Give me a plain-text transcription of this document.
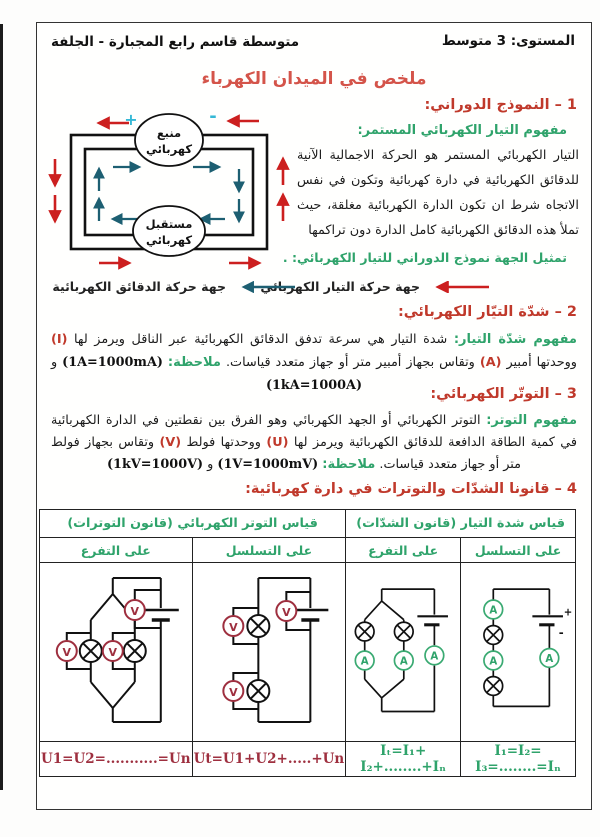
المستوى: 3 متوسط
متوسطة قاسم رابع المجبارة - الجلفة
ملخص في الميدان الكهرباء
1 – النموذج الدوراني:
مفهوم التيار الكهربائي المستمر:
التيار الكهربائي المستمر هو الحركة الاجمالية الآنية للدقائق الكهربائية في دارة كهربائية وتكون في نفس الاتجاه شرط ان تكون الدارة الكهربائية مغلقة، حيث تملأ هذه الدقائق الكهربائية كامل الدارة دون تراكمها
تمثيل الجهة نموذج الدوراني للتيار الكهربائي: .
منبع
كهربائي
مستقبل
كهربائي
+	-
جهة حركة التيار الكهربائي
جهة حركة الدقائق الكهربائية
2 – شدّة التيّار الكهربائي:
مفهوم شدّة التيار: شدة التيار هي سرعة تدفق الدقائق الكهربائية عبر الناقل ويرمز لها (I) ووحدتها أمبير (A) وتقاس بجهاز أمبير متر أو جهاز متعدد قياسات. ملاحظة: (1A=1000mA) و (1kA=1000A)
3 – التوتّر الكهربائي:
مفهوم التوتر: التوتر الكهربائي أو الجهد الكهربائي وهو الفرق بين نقطتين في الدارة الكهربائية في كمية الطاقة الدافعة للدقائق الكهربائية ويرمز لها (U) ووحدتها فولط (V) وتقاس بجهاز فولط متر أو جهاز متعدد قياسات. ملاحظة: (1V=1000mV) و (1kV=1000V)
4 – قانونا الشدّات والتوترات في دارة كهربائية:
قياس شدة التيار (قانون الشدّات)		قياس التوتر الكهربائي (قانون التوترات)	
على التسلسل	على التفرع	على التسلسل	على التفرع

+
-
A
A A	A A A	V
V
V	V
V V

I₁=I₂= I₃=........=Iₙ	Iₜ=I₁+ I₂+........+Iₙ	Ut=U1+U2+.....+Un	U1=U2=...........=Un
